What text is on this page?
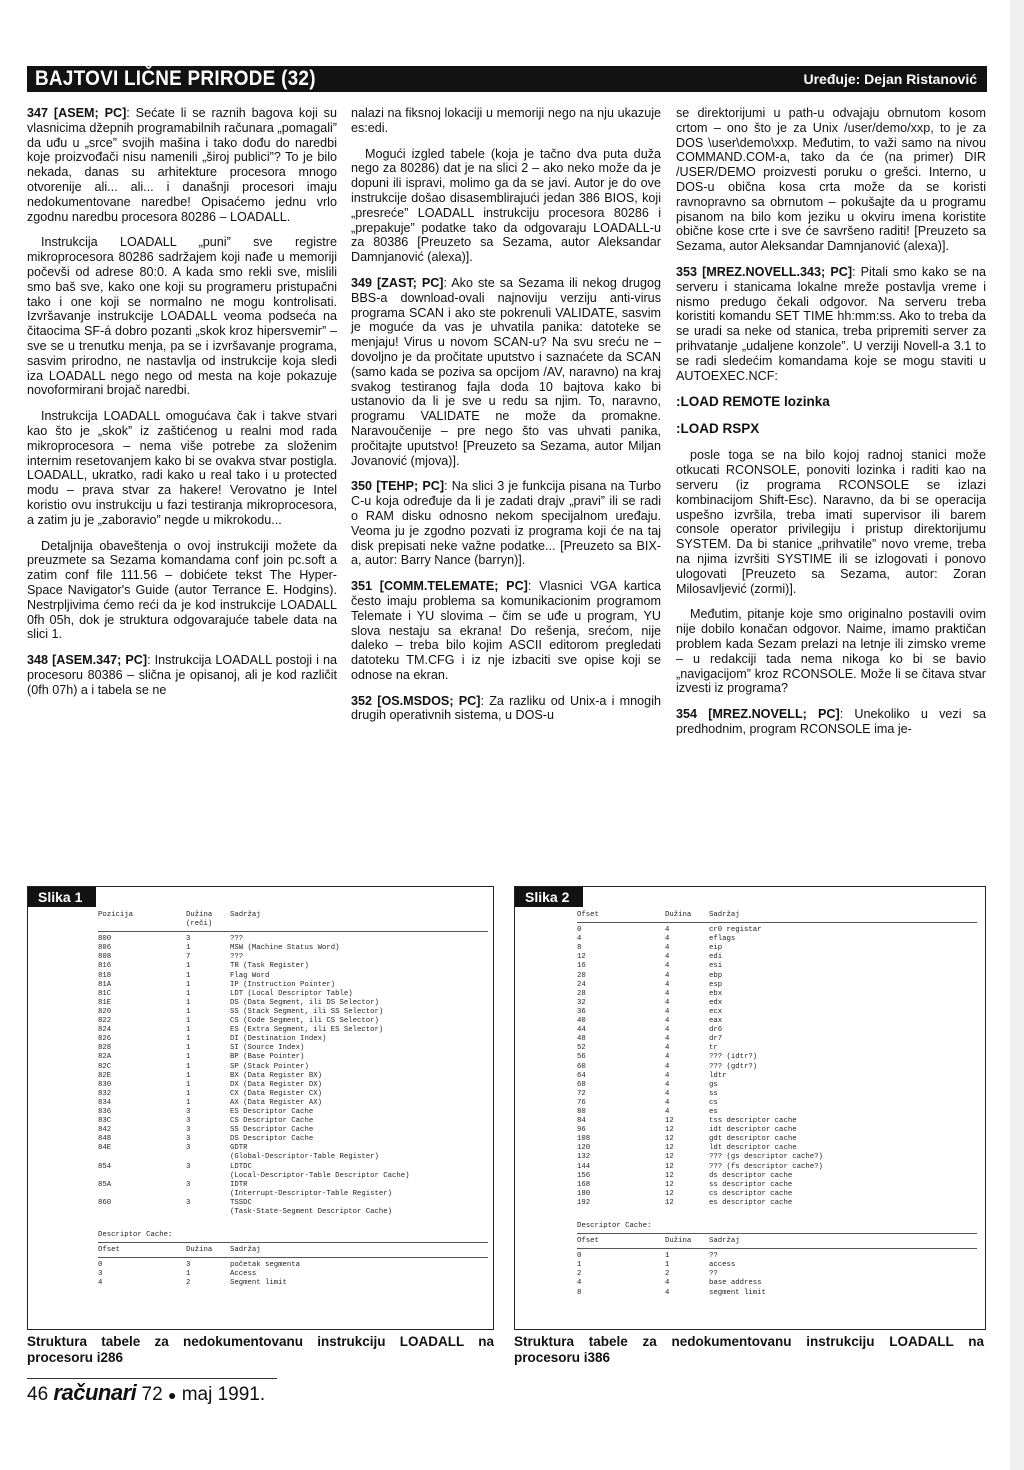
BAJTOVI LIČNE PRIRODE (32)	Uređuje: Dejan Ristanović

347 [ASEM; PC]: Sećate li se raznih bagova koji su vlasnicima džepnih programabilnih računara „pomagali” da uđu u „srce” svojih mašina i tako dođu do naredbi koje proizvođači nisu namenili „širој publici”? To je bilo nekada, danas su arhitekture procesora mnogo otvorenije ali... ali... i današnji procesori imaju nedokumentovane naredbe! Opisaćemo jednu vrlo zgodnu naredbu procesora 80286 – LOADALL.

Instrukcija LOADALL „puni” sve registre mikroprocesora 80286 sadržajem koji nađe u memoriji počevši od adrese 80:0. A kada smo rekli sve, mislili smo baš sve, kako one koji su programeru pristupačni tako i one koji se normalno ne mogu kontrolisati. Izvršavanje instrukcije LOADALL veoma podseća na čitaocima SF-á dobro pozanti „skok kroz hipersvemir” – sve se u trenutku menja, pa se i izvršavanje programa, sasvim prirodno, ne nastavlja od instrukcije koja sledi iza LOADALL nego nego od mesta na koje pokazuje novoformirani brojač naredbi.

Instrukcija LOADALL omogućava čak i takve stvari kao što je „skok” iz zaštićenog u realni mod rada mikroprocesora – nema više potrebe za složenim internim resetovanjem kako bi se ovakva stvar postigla. LOADALL, ukratko, radi kako u real tako i u protected modu – prava stvar za hakere! Verovatno je Intel koristio ovu instrukciju u fazi testiranja mikroprocesora, a zatim ju je „zaboravio” negde u mikrokodu...

Detaljnija obaveštenja o ovoj instrukciji možete da preuzmete sa Sezama komandama conf join pc.soft a zatim conf file 111.56 – dobićete tekst The Hyper-Space Navigator's Guide (autor Terrance E. Hodgins). Nestrpljivima ćemo reći da je kod instrukcije LOADALL 0fh 05h, dok je struktura odgovarajuće tabele data na slici 1.

348 [ASEM.347; PC]: Instrukcija LOADALL postoji i na procesoru 80386 – slična je opisanoj, ali je kod različit (0fh 07h) a i tabela se ne

nalazi na fiksnoj lokaciji u memoriji nego na nju ukazuje es:edi.

Mogući izgled tabele (koja je tačno dva puta duža nego za 80286) dat je na slici 2 – ako neko može da je dopuni ili ispravi, molimo ga da se javi. Autor je do ove instrukcije došao disasemblirajući jedan 386 BIOS, koji „presreće” LOADALL instrukciju procesora 80286 i „prepakuje” podatke tako da odgovaraju LOADALL-u za 80386 [Preuzeto sa Sezama, autor Aleksandar Damnjanović (alexa)].

349 [ZAST; PC]: Ako ste sa Sezama ili nekog drugog BBS-a download-ovali najnoviju verziju anti-virus programa SCAN i ako ste pokrenuli VALIDATE, sasvim je moguće da vas je uhvatila panika: datoteke se menjaju! Virus u novom SCAN-u? Na svu sreću ne – dovoljno je da pročitate uputstvo i saznaćete da SCAN (samo kada se poziva sa opcijom /AV, naravno) na kraj svakog testiranog fajla doda 10 bajtova kako bi ustanovio da li je sve u redu sa njim. To, naravno, programu VALIDATE ne može da promakne. Naravoučenije – pre nego što vas uhvati panika, pročitajte uputstvo! [Preuzeto sa Sezama, autor Miljan Jovanović (mjova)].

350 [TEHP; PC]: Na slici 3 je funkcija pisana na Turbo C-u koja određuje da li je zadati drajv „pravi” ili se radi o RAM disku odnosno nekom specijalnom uređaju. Veoma ju je zgodno pozvati iz programa koji će na taj disk prepisati neke važne podatke... [Preuzeto sa BIX-a, autor: Barry Nance (barryn)].

351 [COMM.TELEMATE; PC]: Vlasnici VGA kartica često imaju problema sa komunikacionim programom Telemate i YU slovima – čim se uđe u program, YU slova nestaju sa ekrana! Do rešenja, srećom, nije daleko – treba bilo kojim ASCII editorom pregledati datoteku TM.CFG i iz nje izbaciti sve opise koji se odnose na ekran.

352 [OS.MSDOS; PC]: Za razliku od Unix-a i mnogih drugih operativnih sistema, u DOS-u

se direktorijumi u path-u odvajaju obrnutom kosom crtom – ono što je za Unix /user/demo/xxp, to je za DOS \user\demo\xxp. Međutim, to važi samo na nivou COMMAND.COM-a, tako da će (na primer) DIR /USER/DEMO proizvesti poruku o grešci. Interno, u DOS-u obična kosa crta može da se koristi ravnopravno sa obrnutom – pokušajte da u programu pisanom na bilo kom jeziku u okviru imena koristite obične kose crte i sve će savršeno raditi! [Preuzeto sa Sezama, autor Aleksandar Damnjanović (alexa)].

353 [MREZ.NOVELL.343; PC]: Pitali smo kako se na serveru i stanicama lokalne mreže postavlja vreme i nismo predugo čekali odgovor. Na serveru treba koristiti komandu SET TIME hh:mm:ss. Ako to treba da se uradi sa neke od stanica, treba pripremiti server za prihvatanje „udaljene konzole”. U verziji Novell-a 3.1 to se radi sledećim komandama koje se mogu staviti u AUTOEXEC.NCF:

:LOAD REMOTE lozinka

:LOAD RSPX

posle toga se na bilo kojoj radnoj stanici može otkucati RCONSOLE, ponoviti lozinka i raditi kao na serveru (iz programa RCONSOLE se izlazi kombinacijom Shift-Esc). Naravno, da bi se operacija uspešno izvršila, treba imati supervisor ili barem console operator privilegiju i pristup direktorijumu SYSTEM. Da bi stanice „prihvatile” novo vreme, treba na njima izvršiti SYSTIME ili se izlogovati i ponovo ulogovati [Preuzeto sa Sezama, autor: Zoran Milosavljević (zormi)].

Međutim, pitanje koje smo originalno postavili ovim nije dobilo konačan odgovor. Naime, imamo praktičan problem kada Sezam prelazi na letnje ili zimsko vreme – u redakciji tada nema nikoga ko bi se bavio „navigacijom” kroz RCONSOLE. Može li se čitava stvar izvesti iz programa?

354 [MREZ.NOVELL; PC]: Unekoliko u vezi sa predhodnim, program RCONSOLE ima je-

Slika 1
Pozicija	Dužina Sadržaj
(reči)
800	3	???
806	1	MSW (Machine Status Word)
808	7	???
816	1	TR (Task Register)
818	1	Flag Word
81A	1	IP (Instruction Pointer)
81C	1	LDT (Local Descriptor Table)
81E	1	DS (Data Segment, ili DS Selector)
820	1	SS (Stack Segment, ili SS Selector)
822	1	CS (Code Segment, ili CS Selector)
824	1	ES (Extra Segment, ili ES Selector)
826	1	DI (Destination Index)
828	1	SI (Source Index)
82A	1	BP (Base Pointer)
82C	1	SP (Stack Pointer)
82E	1	BX (Data Register BX)
830	1	DX (Data Register DX)
832	1	CX (Data Register CX)
834	1	AX (Data Register AX)
836	3	ES Descriptor Cache
83C	3	CS Descriptor Cache
842	3	SS Descriptor Cache
848	3	DS Descriptor Cache
84E	3	GDTR
(Global-Descriptor-Table Register)
854	3	LDTDC
(Local-Descriptor-Table Descriptor Cache)
85A	3	IDTR
(Interrupt-Descriptor-Table Register)
860	3	TSSDC
(Task-State-Segment Descriptor Cache)
Descriptor Cache:
Ofset	Dužina Sadržaj
0	3	početak segmenta
3	1	Access
4	2	Segment limit
Struktura tabele za nedokumentovanu instrukciju LOADALL na procesoru i286
Slika 2
Ofset	Dužina Sadržaj
0	4	cr0 registar
4	4	eflags
8	4	eip
12	4	edi
16	4	esi
20	4	ebp
24	4	esp
28	4	ebx
32	4	edx
36	4	ecx
40	4	eax
44	4	dr6
48	4	dr7
52	4	tr
56	4	??? (idtr?)
60	4	??? (gdtr?)
64	4	ldtr
68	4	gs
72	4	ss
76	4	cs
80	4	es
84	12	tss descriptor cache
96	12	idt descriptor cache
108	12	gdt descriptor cache
120	12	ldt descriptor cache
132	12	??? (gs descriptor cache?)
144	12	??? (fs descriptor cache?)
156	12	ds descriptor cache
168	12	ss descriptor cache
180	12	cs descriptor cache
192	12	es descriptor cache
Descriptor Cache:
Ofset	Dužina Sadržaj
0	1	??
1	1	access
2	2	??
4	4	base address
8	4	segment limit
Struktura tabele za nedokumentovanu instrukciju LOADALL na procesoru i386
46 računari 72 ● maj 1991.
